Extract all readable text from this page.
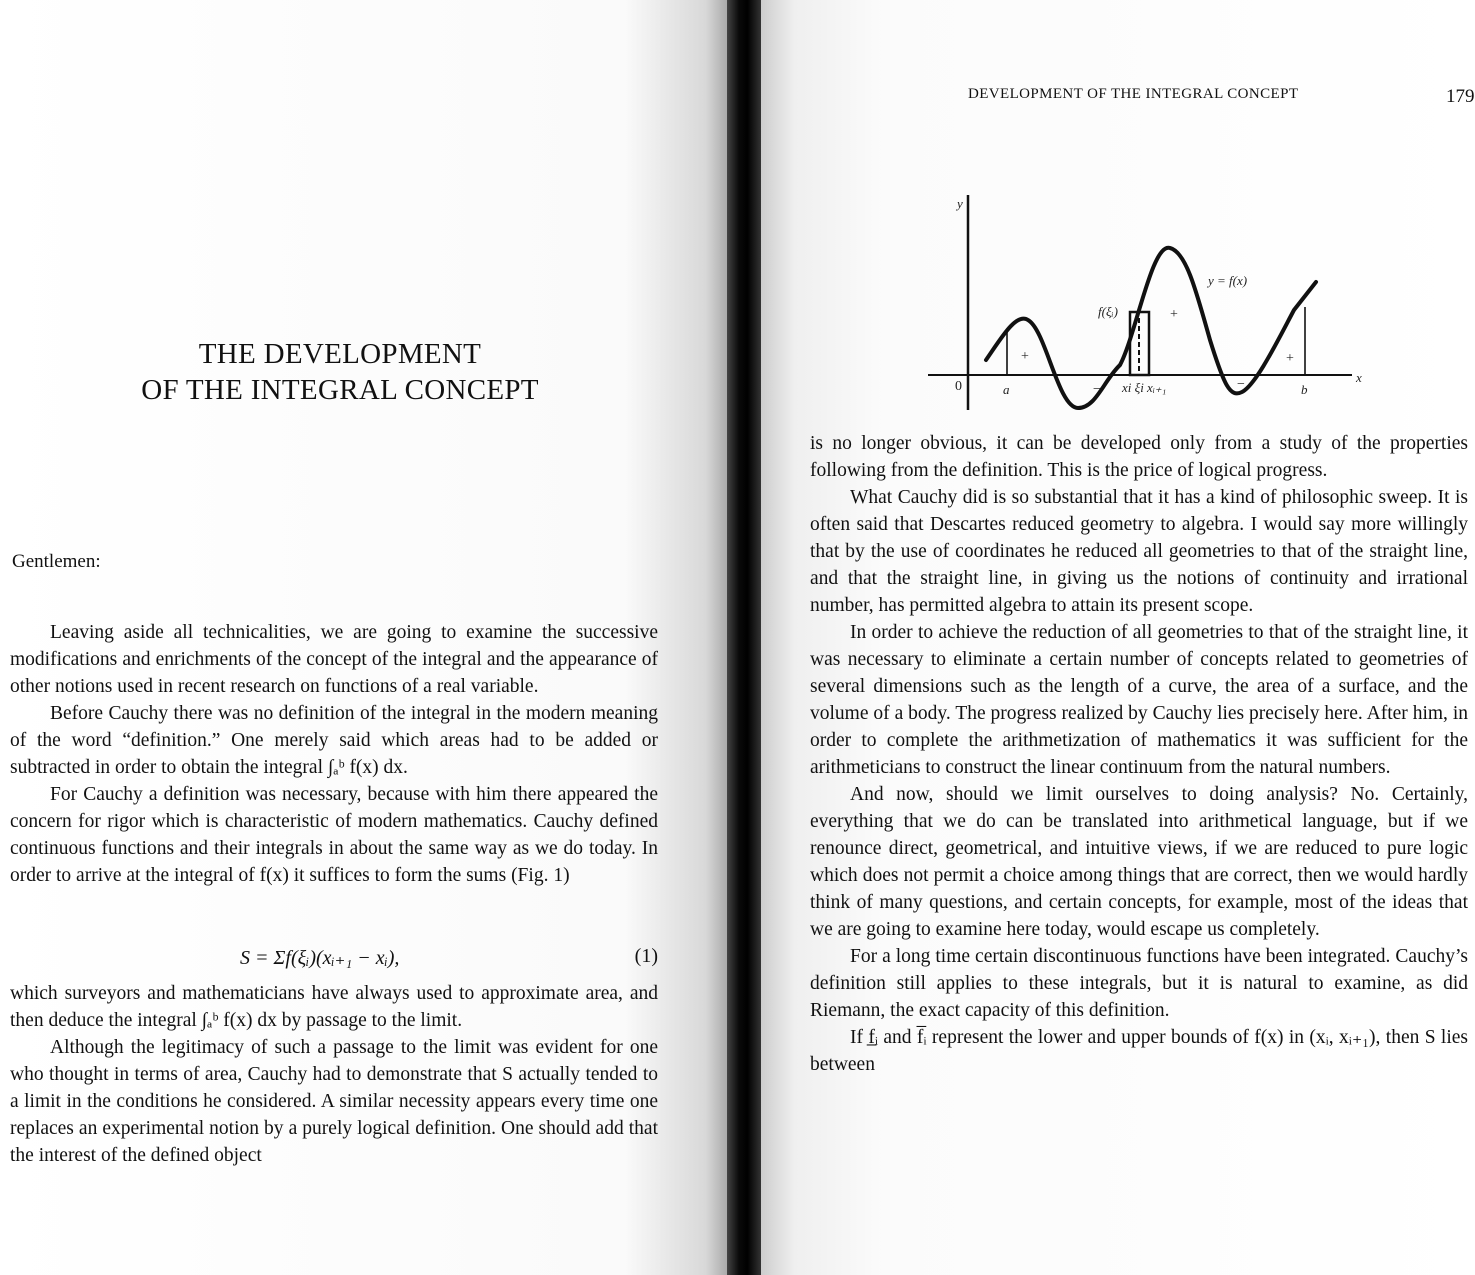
THE DEVELOPMENT
OF THE INTEGRAL CONCEPT
Gentlemen:

Leaving aside all technicalities, we are going to examine the successive modifications and enrichments of the concept of the integral and the appearance of other notions used in recent research on functions of a real variable.

Before Cauchy there was no definition of the integral in the modern meaning of the word “definition.” One merely said which areas had to be added or subtracted in order to obtain the integral ∫ₐᵇ f(x) dx.

For Cauchy a definition was necessary, because with him there appeared the concern for rigor which is characteristic of modern mathematics. Cauchy defined continuous functions and their integrals in about the same way as we do today. In order to arrive at the integral of f(x) it suffices to form the sums (Fig. 1)

S = Σf(ξᵢ)(xᵢ₊₁ − xᵢ),	(1)

which surveyors and mathematicians have always used to approximate area, and then deduce the integral ∫ₐᵇ f(x) dx by passage to the limit.

Although the legitimacy of such a passage to the limit was evident for one who thought in terms of area, Cauchy had to demonstrate that S actually tended to a limit in the conditions he considered. A similar necessity appears every time one replaces an experimental notion by a purely logical definition. One should add that the interest of the defined object

DEVELOPMENT OF THE INTEGRAL CONCEPT	179
y
x
0
f(ξᵢ)
y = f(x)
a	b
xi ξi xᵢ₊₁
+
+
+
−	−

is no longer obvious, it can be developed only from a study of the properties following from the definition. This is the price of logical progress.

What Cauchy did is so substantial that it has a kind of philosophic sweep. It is often said that Descartes reduced geometry to algebra. I would say more willingly that by the use of coordinates he reduced all geometries to that of the straight line, and that the straight line, in giving us the notions of continuity and irrational number, has permitted algebra to attain its present scope.

In order to achieve the reduction of all geometries to that of the straight line, it was necessary to eliminate a certain number of concepts related to geometries of several dimensions such as the length of a curve, the area of a surface, and the volume of a body. The progress realized by Cauchy lies precisely here. After him, in order to complete the arithmetization of mathematics it was sufficient for the arithmeticians to construct the linear continuum from the natural numbers.

And now, should we limit ourselves to doing analysis? No. Certainly, everything that we do can be translated into arithmetical language, but if we renounce direct, geometrical, and intuitive views, if we are reduced to pure logic which does not permit a choice among things that are correct, then we would hardly think of many questions, and certain concepts, for example, most of the ideas that we are going to examine here today, would escape us completely.

For a long time certain discontinuous functions have been integrated. Cauchy’s definition still applies to these integrals, but it is natural to examine, as did Riemann, the exact capacity of this definition.

If f̲ᵢ and f̅ᵢ represent the lower and upper bounds of f(x) in (xᵢ, xᵢ₊₁), then S lies between
